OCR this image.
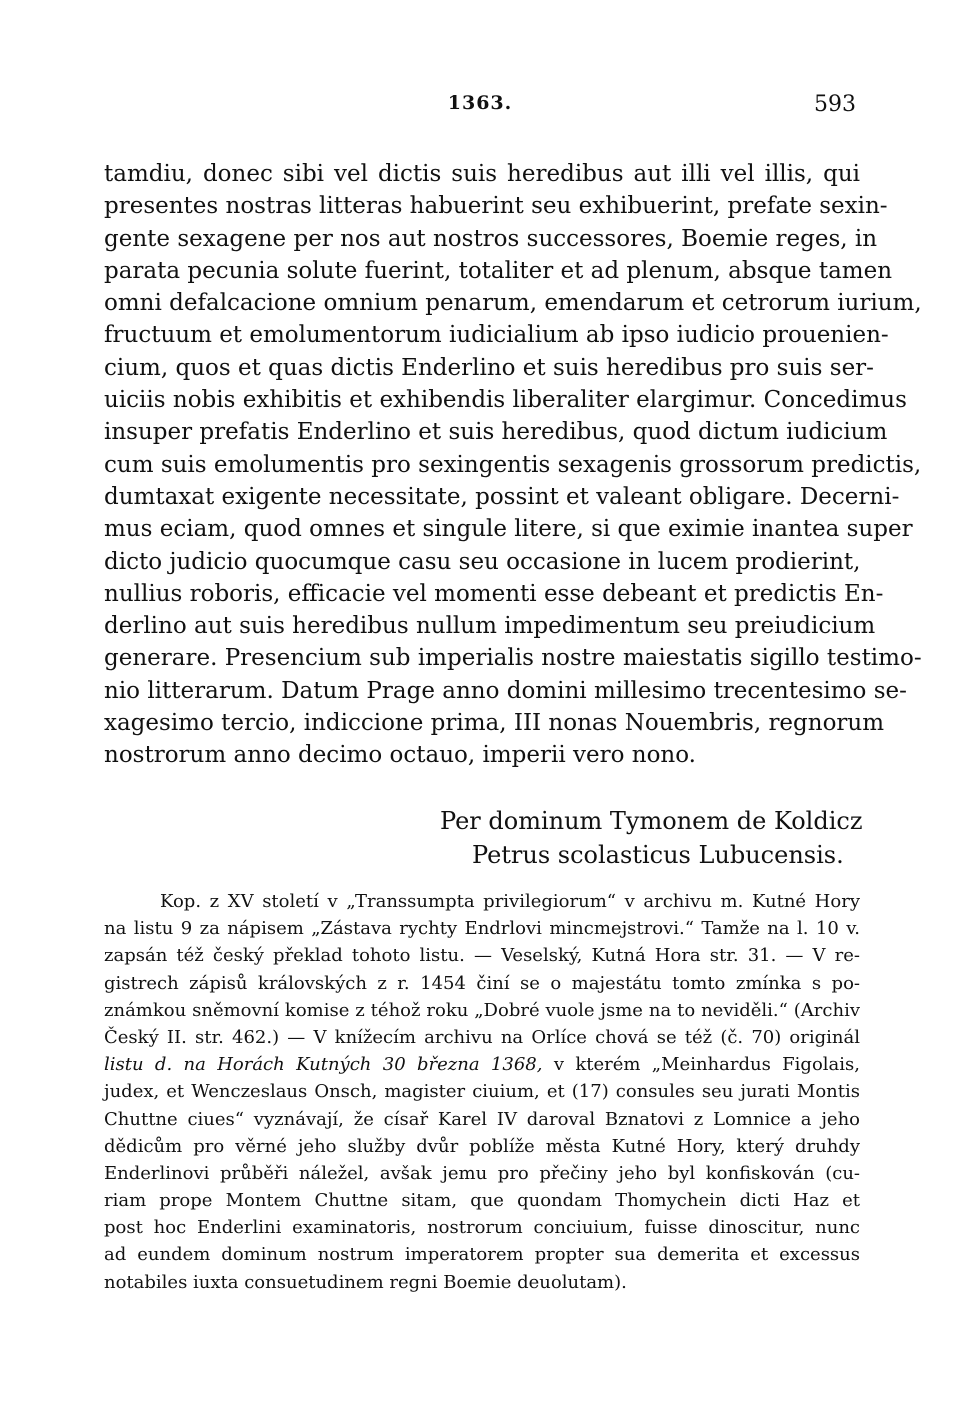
1363.	593
tamdiu, donec sibi vel dictis suis heredibus aut illi vel illis, qui
presentes nostras litteras habuerint seu exhibuerint, prefate sexin-
gente sexagene per nos aut nostros successores, Boemie reges, in
parata pecunia solute fuerint, totaliter et ad plenum, absque tamen
omni defalcacione omnium penarum, emendarum et cetrorum iurium,
fructuum et emolumentorum iudicialium ab ipso iudicio prouenien-
cium, quos et quas dictis Enderlino et suis heredibus pro suis ser-
uiciis nobis exhibitis et exhibendis liberaliter elargimur. Concedimus
insuper prefatis Enderlino et suis heredibus, quod dictum iudicium
cum suis emolumentis pro sexingentis sexagenis grossorum predictis,
dumtaxat exigente necessitate, possint et valeant obligare. Decerni-
mus eciam, quod omnes et singule litere, si que eximie inantea super
dicto judicio quocumque casu seu occasione in lucem prodierint,
nullius roboris, efficacie vel momenti esse debeant et predictis En-
derlino aut suis heredibus nullum impedimentum seu preiudicium
generare. Presencium sub imperialis nostre maiestatis sigillo testimo-
nio litterarum. Datum Prage anno domini millesimo trecentesimo se-
xagesimo tercio, indiccione prima, III nonas Nouembris, regnorum
nostrorum anno decimo octauo, imperii vero nono.
Per dominum Tymonem de Koldicz
Petrus scolasticus Lubucensis.
Kop. z XV století v „Transsumpta privilegiorum“ v archivu m. Kutné Hory
na listu 9 za nápisem „Zástava rychty Endrlovi mincmejstrovi.“ Tamže na l. 10 v.
zapsán též český překlad tohoto listu. — Veselský, Kutná Hora str. 31. — V re-
gistrech zápisů královských z r. 1454 činí se o majestátu tomto zmínka s po-
známkou sněmovní komise z téhož roku „Dobré vuole jsme na to neviděli.“ (Archiv
Český II. str. 462.) — V knížecím archivu na Orlíce chová se též (č. 70) originál
listu d. na Horách Kutných 30 března 1368, v kterém „Meinhardus Figolais,
judex, et Wenczeslaus Onsch, magister ciuium, et (17) consules seu jurati Montis
Chuttne ciues“ vyznávají, že císař Karel IV daroval Bznatovi z Lomnice a jeho
dědicům pro věrné jeho služby dvůr poblíže města Kutné Hory, který druhdy
Enderlinovi průběři náležel, avšak jemu pro přečiny jeho byl konfiskován (cu-
riam prope Montem Chuttne sitam, que quondam Thomychein dicti Haz et
post hoc Enderlini examinatoris, nostrorum conciuium, fuisse dinoscitur, nunc
ad eundem dominum nostrum imperatorem propter sua demerita et excessus
notabiles iuxta consuetudinem regni Boemie deuolutam).
